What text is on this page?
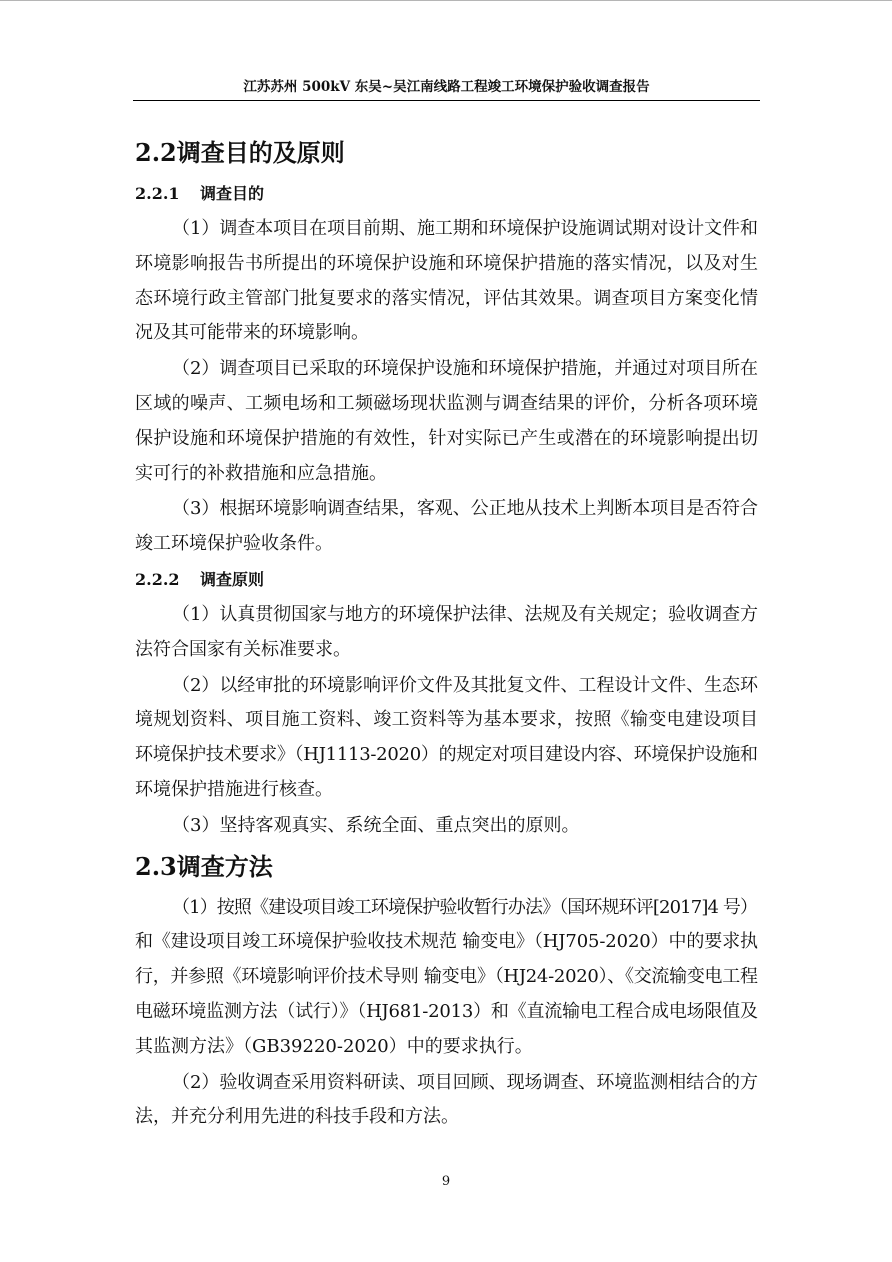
江苏苏州 500kV 东吴~吴江南线路工程竣工环境保护验收调查报告
2.2调查目的及原则
2.2.1 调查目的
（1）调查本项目在项目前期、施工期和环境保护设施调试期对设计文件和
环境影响报告书所提出的环境保护设施和环境保护措施的落实情况，以及对生
态环境行政主管部门批复要求的落实情况，评估其效果。调查项目方案变化情
况及其可能带来的环境影响。
（2）调查项目已采取的环境保护设施和环境保护措施，并通过对项目所在
区域的噪声、工频电场和工频磁场现状监测与调查结果的评价，分析各项环境
保护设施和环境保护措施的有效性，针对实际已产生或潜在的环境影响提出切
实可行的补救措施和应急措施。
（3）根据环境影响调查结果，客观、公正地从技术上判断本项目是否符合
竣工环境保护验收条件。
2.2.2 调查原则
（1）认真贯彻国家与地方的环境保护法律、法规及有关规定；验收调查方
法符合国家有关标准要求。
（2）以经审批的环境影响评价文件及其批复文件、工程设计文件、生态环
境规划资料、项目施工资料、竣工资料等为基本要求，按照《输变电建设项目
环境保护技术要求》（HJ1113-2020）的规定对项目建设内容、环境保护设施和
环境保护措施进行核查。
（3）坚持客观真实、系统全面、重点突出的原则。
2.3调查方法
（1）按照《建设项目竣工环境保护验收暂行办法》（国环规环评[2017]4 号）
和《建设项目竣工环境保护验收技术规范 输变电》（HJ705-2020）中的要求执
行，并参照《环境影响评价技术导则 输变电》（HJ24-2020）、《交流输变电工程
电磁环境监测方法（试行）》（HJ681-2013）和《直流输电工程合成电场限值及
其监测方法》（GB39220-2020）中的要求执行。
（2）验收调查采用资料研读、项目回顾、现场调查、环境监测相结合的方
法，并充分利用先进的科技手段和方法。
9
